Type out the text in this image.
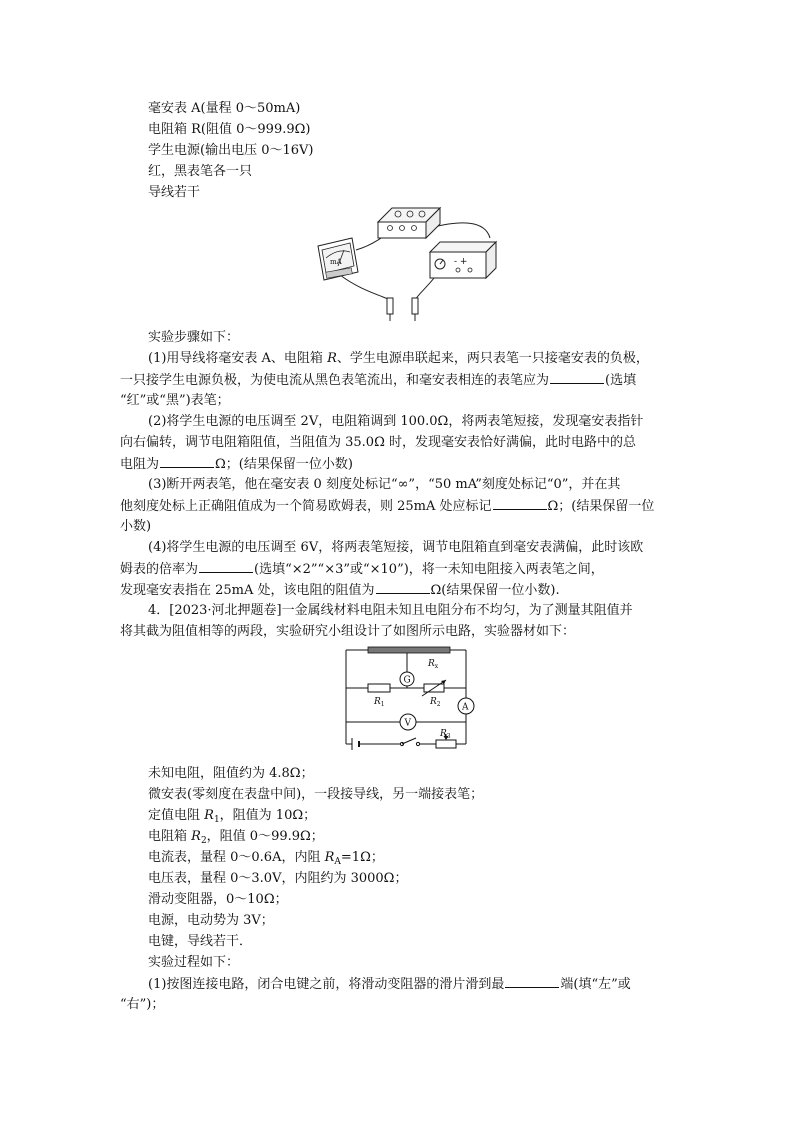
毫安表 A(量程 0～50mA)
电阻箱 R(阻值 0～999.9Ω)
学生电源(输出电压 0～16V)
红，黑表笔各一只
导线若干
mA	- +
实验步骤如下：
(1)用导线将毫安表 A、电阻箱 R、学生电源串联起来，两只表笔一只接毫安表的负极，
一只接学生电源负极，为使电流从黑色表笔流出，和毫安表相连的表笔应为	(选填
“红”或“黑”)表笔；
(2)将学生电源的电压调至 2V，电阻箱调到 100.0Ω，将两表笔短接，发现毫安表指针
向右偏转，调节电阻箱阻值，当阻值为 35.0Ω 时，发现毫安表恰好满偏，此时电路中的总
电阻为	Ω；(结果保留一位小数)
(3)断开两表笔，他在毫安表 0 刻度处标记“∞”，“50 mA”刻度处标记“0”，并在其
他刻度处标上正确阻值成为一个简易欧姆表，则 25mA 处应标记	Ω；(结果保留一位
小数)
(4)将学生电源的电压调至 6V，将两表笔短接，调节电阻箱直到毫安表满偏，此时该欧
姆表的倍率为	(选填“×2”“×3”或“×10”)，将一未知电阻接入两表笔之间，
发现毫安表指在 25mA 处，该电阻的阻值为	Ω(结果保留一位小数).
4．[2023·河北押题卷]一金属线材料电阻未知且电阻分布不均匀，为了测量其阻值并
将其截为阻值相等的两段，实验研究小组设计了如图所示电路，实验器材如下：
$R_x$
G
$R_1$	$R_2$ A
V
$R_3$
未知电阻，阻值约为 4.8Ω；
微安表(零刻度在表盘中间)，一段接导线，另一端接表笔；
定值电阻 $R_1$，阻值为 10Ω；
电阻箱 $R_2$，阻值 0～99.9Ω；
电流表，量程 0～0.6A，内阻 $R_A=1\Omega$；
电压表，量程 0～3.0V，内阻约为 3000Ω；
滑动变阻器，0～10Ω；
电源，电动势为 3V；
电键，导线若干．
实验过程如下：
(1)按图连接电路，闭合电键之前，将滑动变阻器的滑片滑到最	端(填“左”或
“右”)；
